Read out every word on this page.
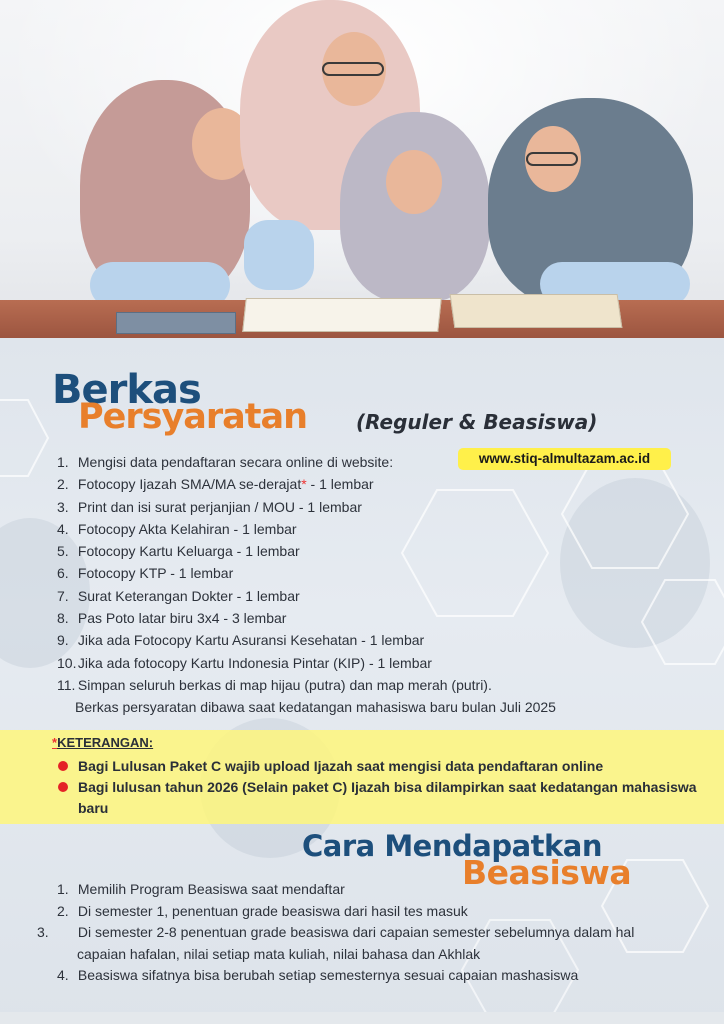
Berkas
Persyaratan (Reguler & Beasiswa)
www.stiq-almultazam.ac.id
1. Mengisi data pendaftaran secara online di website:
2. Fotocopy Ijazah SMA/MA se-derajat* - 1 lembar
3. Print dan isi surat perjanjian / MOU - 1 lembar
4. Fotocopy Akta Kelahiran - 1 lembar
5. Fotocopy Kartu Keluarga - 1 lembar
6. Fotocopy KTP - 1 lembar
7. Surat Keterangan Dokter - 1 lembar
8. Pas Poto latar biru 3x4 - 3 lembar
9. Jika ada Fotocopy Kartu Asuransi Kesehatan - 1 lembar
10. Jika ada fotocopy Kartu Indonesia Pintar (KIP) - 1 lembar
11. Simpan seluruh berkas di map hijau (putra) dan map merah (putri).
Berkas persyaratan dibawa saat kedatangan mahasiswa baru bulan Juli 2025
*KETERANGAN:
Bagi Lulusan Paket C wajib upload Ijazah saat mengisi data pendaftaran online
Bagi lulusan tahun 2026 (Selain paket C) Ijazah bisa dilampirkan saat kedatangan mahasiswa baru
Cara Mendapatkan
Beasiswa
1. Memilih Program Beasiswa saat mendaftar
2. Di semester 1, penentuan grade beasiswa dari hasil tes masuk
3. Di semester 2-8 penentuan grade beasiswa dari capaian semester sebelumnya dalam hal capaian hafalan, nilai setiap mata kuliah, nilai bahasa dan Akhlak
4. Beasiswa sifatnya bisa berubah setiap semesternya sesuai capaian mashasiswa
